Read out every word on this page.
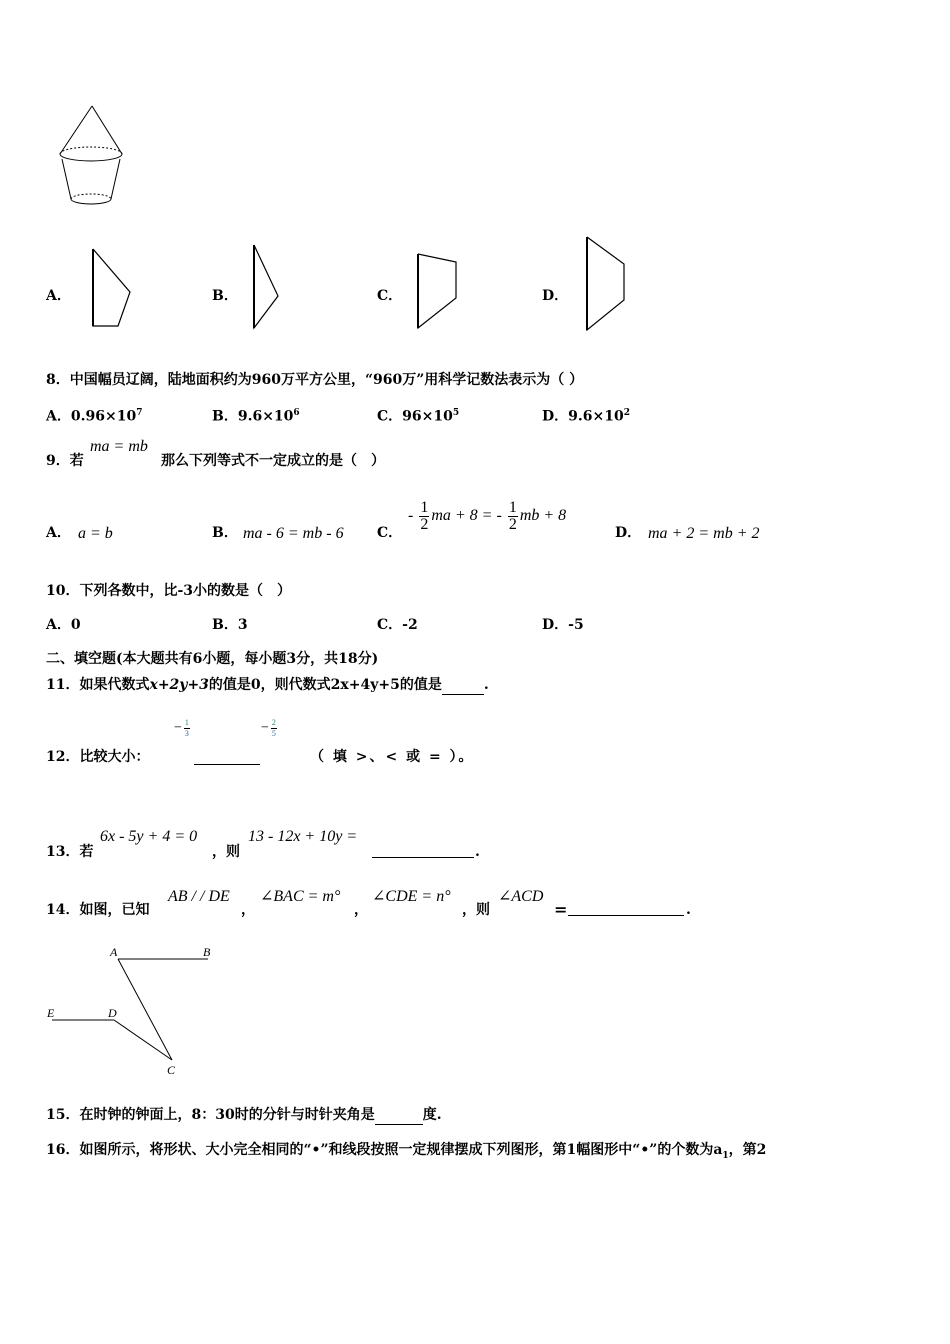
A．	B．	C．	D．
8．中国幅员辽阔，陆地面积约为960万平方公里，“960万”用科学记数法表示为（ ）
A．$0.96\times 10^7$	B．$9.6\times 10^6$	C．$96\times 10^5$	D．$9.6\times 10^2$
9．若
ma = mb
那么下列等式不一定成立的是（　）
A． a = b	B． ma - 6 = mb - 6 C．
- $\frac{1}{2}$ ma + 8 = - $\frac{1}{2}$ mb + 8
D． ma + 2 = mb + 2
10．下列各数中，比-3小的数是（　）
A．0	B．3	C．-2	D．-5
二、填空题(本大题共有6小题，每小题3分，共18分)
11．如果代数式x+2y+3的值是0，则代数式2x+4y+5的值是	.
12．比较大小：
− $\frac{1}{3}$	− $\frac{2}{5}$
（ 填 >、< 或 = ）。
13．若
6x - 5y + 4 = 0
，则
13 - 12x + 10y =
.
14．如图，已知
AB / / DE
，
∠BAC = m°
，
∠CDE = n°
，则
∠ACD
=	.
A	B
C
D
E
15．在时钟的钟面上，8：30时的分针与时针夹角是	度.
16．如图所示，将形状、大小完全相同的“•”和线段按照一定规律摆成下列图形，第1幅图形中“•”的个数为$a_1$，第2
